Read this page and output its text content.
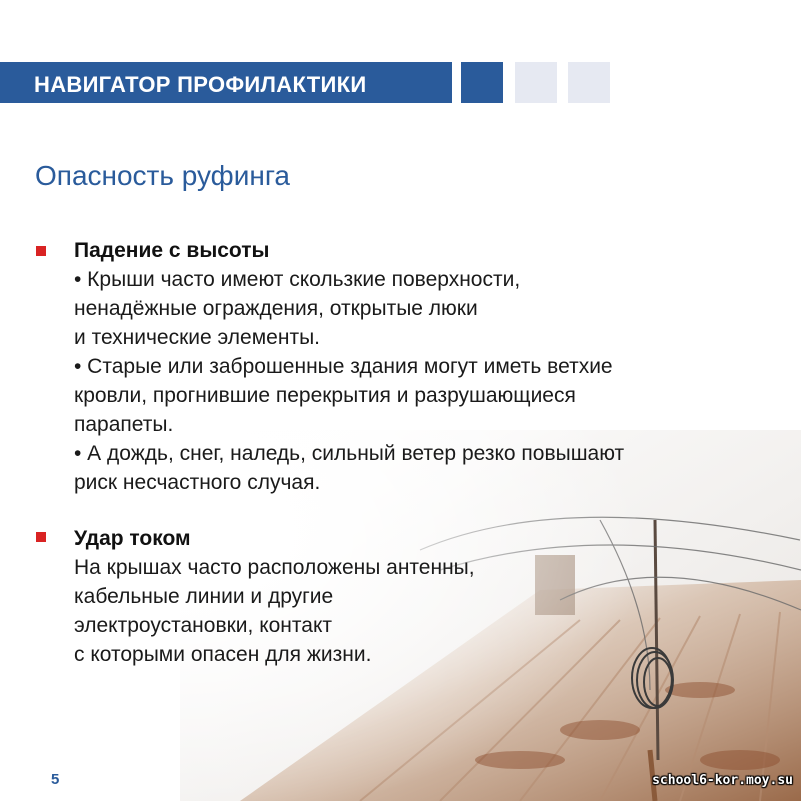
НАВИГАТОР ПРОФИЛАКТИКИ
Опасность руфинга
Падение с высоты
• Крыши часто имеют скользкие поверхности,
ненадёжные ограждения, открытые люки
и технические элементы.
• Старые или заброшенные здания могут иметь ветхие
кровли, прогнившие перекрытия и разрушающиеся
парапеты.
• А дождь, снег, наледь, сильный ветер резко повышают
риск несчастного случая.
Удар током
На крышах часто расположены антенны,
кабельные линии и другие
электроустановки, контакт
с которыми опасен для жизни.
5	school6-kor.moy.su
